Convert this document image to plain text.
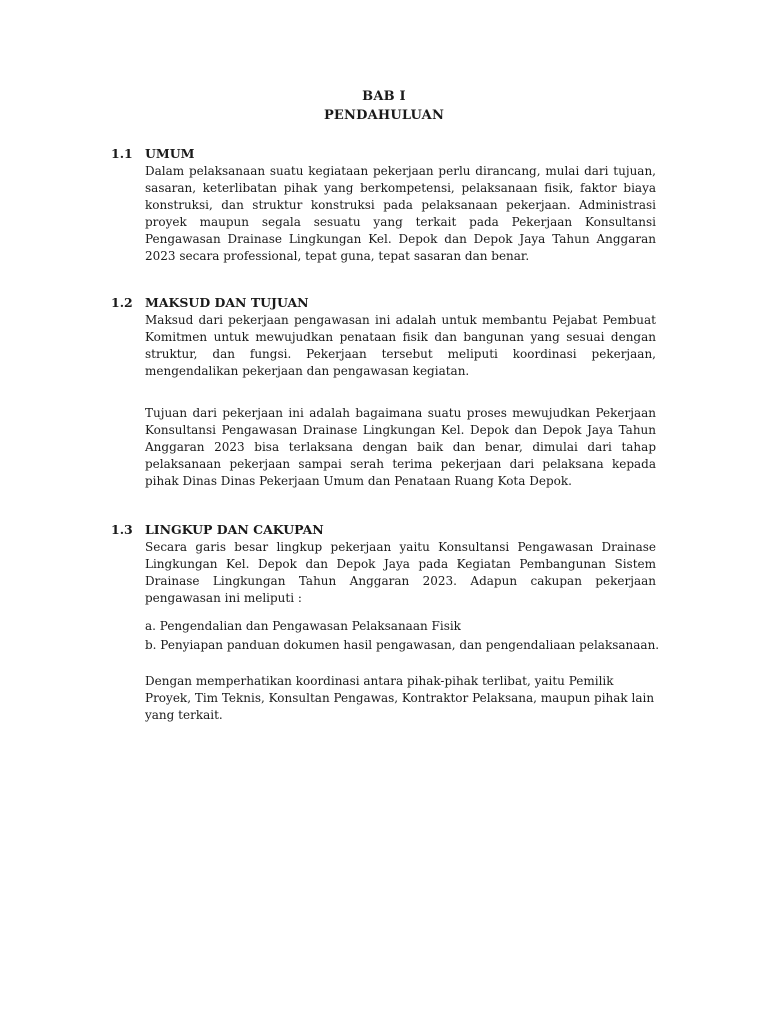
BAB I
PENDAHULUAN
1.1 UMUM
Dalam pelaksanaan suatu kegiataan pekerjaan perlu dirancang, mulai dari tujuan, sasaran, keterlibatan pihak yang berkompetensi, pelaksanaan fisik, faktor biaya konstruksi, dan struktur konstruksi pada pelaksanaan pekerjaan. Administrasi proyek maupun segala sesuatu yang terkait pada Pekerjaan Konsultansi Pengawasan Drainase Lingkungan Kel. Depok dan Depok Jaya Tahun Anggaran 2023 secara professional, tepat guna, tepat sasaran dan benar.
1.2 MAKSUD DAN TUJUAN
Maksud dari pekerjaan pengawasan ini adalah untuk membantu Pejabat Pembuat Komitmen untuk mewujudkan penataan fisik dan bangunan yang sesuai dengan struktur, dan fungsi. Pekerjaan tersebut meliputi koordinasi pekerjaan, mengendalikan pekerjaan dan pengawasan kegiatan.
Tujuan dari pekerjaan ini adalah bagaimana suatu proses mewujudkan Pekerjaan Konsultansi Pengawasan Drainase Lingkungan Kel. Depok dan Depok Jaya Tahun Anggaran 2023 bisa terlaksana dengan baik dan benar, dimulai dari tahap pelaksanaan pekerjaan sampai serah terima pekerjaan dari pelaksana kepada pihak Dinas Dinas Pekerjaan Umum dan Penataan Ruang Kota Depok.
1.3 LINGKUP DAN CAKUPAN
Secara garis besar lingkup pekerjaan yaitu Konsultansi Pengawasan Drainase Lingkungan Kel. Depok dan Depok Jaya pada Kegiatan Pembangunan Sistem Drainase Lingkungan Tahun Anggaran 2023. Adapun cakupan pekerjaan pengawasan ini meliputi :
a. Pengendalian dan Pengawasan Pelaksanaan Fisik
b. Penyiapan panduan dokumen hasil pengawasan, dan pengendaliaan pelaksanaan.
Dengan memperhatikan koordinasi antara pihak-pihak terlibat, yaitu Pemilik Proyek, Tim Teknis, Konsultan Pengawas, Kontraktor Pelaksana, maupun pihak lain yang terkait.
